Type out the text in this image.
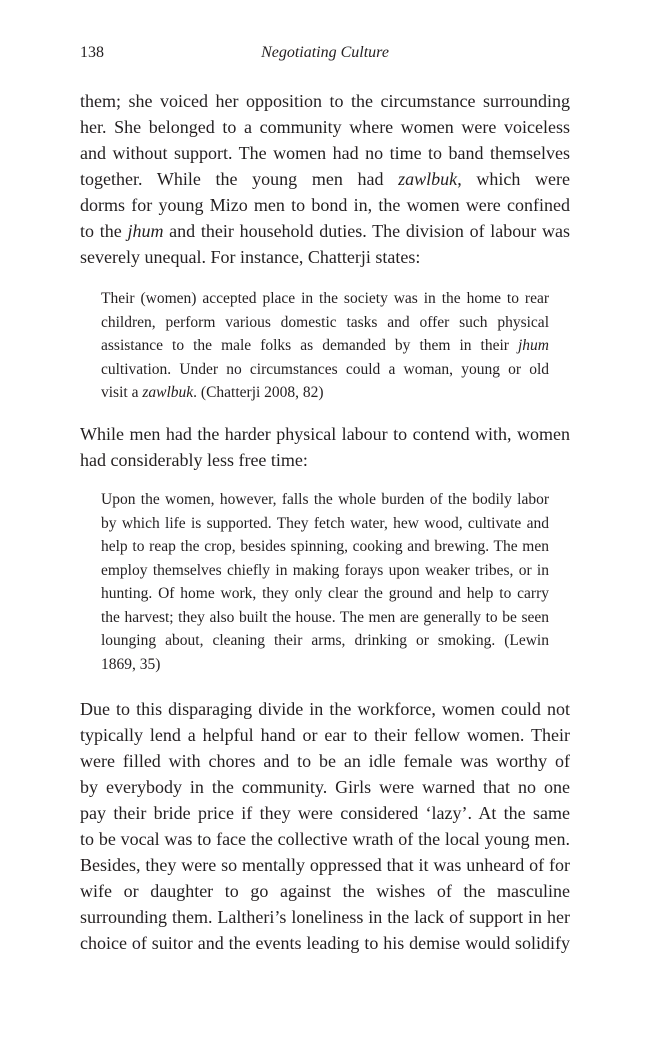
138	Negotiating Culture
them; she voiced her opposition to the circumstance surrounding
her. She belonged to a community where women were voiceless
and without support. The women had no time to band themselves
together. While the young men had zawlbuk, which were
dorms for young Mizo men to bond in, the women were confined
to the jhum and their household duties. The division of labour was
severely unequal. For instance, Chatterji states:
Their (women) accepted place in the society was in the home to rear
children, perform various domestic tasks and offer such physical
assistance to the male folks as demanded by them in their jhum
cultivation. Under no circumstances could a woman, young or old
visit a zawlbuk. (Chatterji 2008, 82)
While men had the harder physical labour to contend with, women
had considerably less free time:
Upon the women, however, falls the whole burden of the bodily labor
by which life is supported. They fetch water, hew wood, cultivate and
help to reap the crop, besides spinning, cooking and brewing. The men
employ themselves chiefly in making forays upon weaker tribes, or in
hunting. Of home work, they only clear the ground and help to carry
the harvest; they also built the house. The men are generally to be seen
lounging about, cleaning their arms, drinking or smoking. (Lewin
1869, 35)
Due to this disparaging divide in the workforce, women could not
typically lend a helpful hand or ear to their fellow women. Their
were filled with chores and to be an idle female was worthy of
by everybody in the community. Girls were warned that no one
pay their bride price if they were considered ‘lazy’. At the same
to be vocal was to face the collective wrath of the local young men.
Besides, they were so mentally oppressed that it was unheard of for
wife or daughter to go against the wishes of the masculine
surrounding them. Laltheri’s loneliness in the lack of support in her
choice of suitor and the events leading to his demise would solidify
